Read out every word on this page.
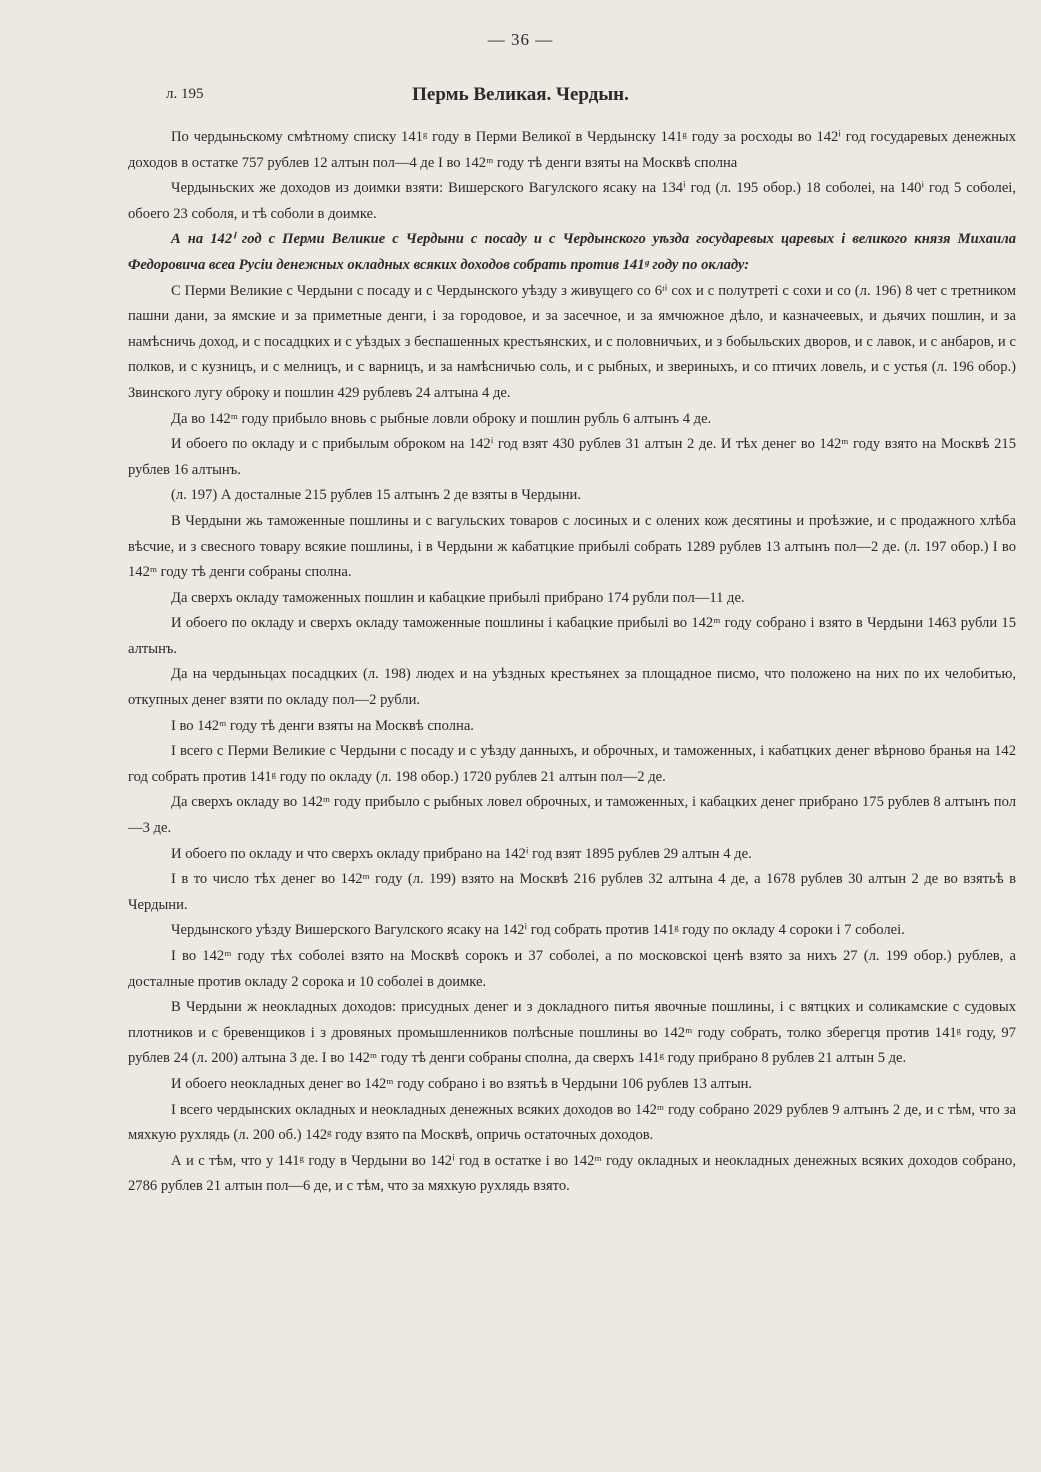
— 36 —
л. 195	Пермь Великая. Чердын.

По чердыньскому смѣтному списку 141ᵍ году в Перми Великої в Чердынску 141ᵍ году за росходы во 142ⁱ год государевых денежных доходов в остатке 757 рублев 12 алтын пол—4 де І во 142ᵐ году тѣ денги взяты на Москвѣ сполна

Чердыньских же доходов из доимки взяти: Вишерского Вагулского ясаку на 134ⁱ год (л. 195 обор.) 18 соболеі, на 140ⁱ год 5 соболеі, обоего 23 соболя, и тѣ соболи в доимке.

А на 142ⁱ год с Перми Великие с Чердыни с посаду и с Чердынского уѣзда государевых царевых і великого князя Михаила Федоровича всеа Русіи денежных окладных всяких доходов собрать против 141ᵍ году по окладу:

С Перми Великие с Чердыни с посаду и с Чердынского уѣзду з живущего со 6ᵗⁱ сох и с полутреті с сохи и со (л. 196) 8 чет с третником пашни дани, за ямские и за приметные денги, і за городовое, и за засечное, и за ямчюжное дѣло, и казначеевых, и дьячих пошлин, и за намѣсничь доход, и с посадцких и с уѣздых з беспашенных крестьянских, и с половничьих, и з бобыльских дворов, и с лавок, и с анбаров, и с полков, и с кузницъ, и с мелницъ, и с варницъ, и за намѣсничью соль, и с рыбных, и звериныхъ, и со птичих ловель, и с устья (л. 196 обор.) Звинского лугу оброку и пошлин 429 рублевъ 24 алтына 4 де.

Да во 142ᵐ году прибыло вновь с рыбные ловли оброку и пошлин рубль 6 алтынъ 4 де.

И обоего по окладу и с прибылым оброком на 142ⁱ год взят 430 рублев 31 алтын 2 де. И тѣх денег во 142ᵐ году взято на Москвѣ 215 рублев 16 алтынъ.

(л. 197) А досталные 215 рублев 15 алтынъ 2 де взяты в Чердыни.

В Чердыни жь таможенные пошлины и с вагульских товаров с лосиных и с олених кож десятины и проѣзжие, и с продажного хлѣба вѣсчие, и з свесного товару всякие пошлины, і в Чердыни ж кабатцкие прибылі собрать 1289 рублев 13 алтынъ пол—2 де. (л. 197 обор.) І во 142ᵐ году тѣ денги собраны сполна.

Да сверхъ окладу таможенных пошлин и кабацкие прибылі прибрано 174 рубли пол—11 де.

И обоего по окладу и сверхъ окладу таможенные пошлины і кабацкие прибылі во 142ᵐ году собрано і взято в Чердыни 1463 рубли 15 алтынъ.

Да на чердыньцах посадцких (л. 198) людех и на уѣздных крестьянех за площадное писмо, что положено на них по их челобитью, откупных денег взяти по окладу пол—2 рубли.

І во 142ᵐ году тѣ денги взяты на Москвѣ сполна.

І всего с Перми Великие с Чердыни с посаду и с уѣзду данныхъ, и оброчных, и таможенных, і кабатцких денег вѣрново бранья на 142 год собрать против 141ᵍ году по окладу (л. 198 обор.) 1720 рублев 21 алтын пол—2 де.

Да сверхъ окладу во 142ᵐ году прибыло с рыбных ловел оброчных, и таможенных, і кабацких денег прибрано 175 рублев 8 алтынъ пол—3 де.

И обоего по окладу и что сверхъ окладу прибрано на 142ⁱ год взят 1895 рублев 29 алтын 4 де.

І в то число тѣх денег во 142ᵐ году (л. 199) взято на Москвѣ 216 рублев 32 алтына 4 де, а 1678 рублев 30 алтын 2 де во взятьѣ в Чердыни.

Чердынского уѣзду Вишерского Вагулского ясаку на 142ⁱ год собрать против 141ᵍ году по окладу 4 сороки і 7 соболеі.

І во 142ᵐ году тѣх соболеі взято на Москвѣ сорокъ и 37 соболеі, а по московскоі ценѣ взято за нихъ 27 (л. 199 обор.) рублев, а досталные против окладу 2 сорока и 10 соболеі в доимке.

В Чердыни ж неокладных доходов: присудных денег и з докладного питья явочные пошлины, і с вятцких и соликамские с судовых плотников и с бревенщиков і з дровяных промышленников полѣсные пошлины во 142ᵐ году собрать, толко зберегця против 141ᵍ году, 97 рублев 24 (л. 200) алтына 3 де. І во 142ᵐ году тѣ денги собраны сполна, да сверхъ 141ᵍ году прибрано 8 рублев 21 алтын 5 де.

И обоего неокладных денег во 142ᵐ году собрано і во взятьѣ в Чердыни 106 рублев 13 алтын.

І всего чердынских окладных и неокладных денежных всяких доходов во 142ᵐ году собрано 2029 рублев 9 алтынъ 2 де, и с тѣм, что за мяхкую рухлядь (л. 200 об.) 142ᵍ году взято па Москвѣ, опричь остаточных доходов.

А и с тѣм, что у 141ᵍ году в Чердыни во 142ⁱ год в остатке і во 142ᵐ году окладных и неокладных денежных всяких доходов собрано, 2786 рублев 21 алтын пол—6 де, и с тѣм, что за мяхкую рухлядь взято.
